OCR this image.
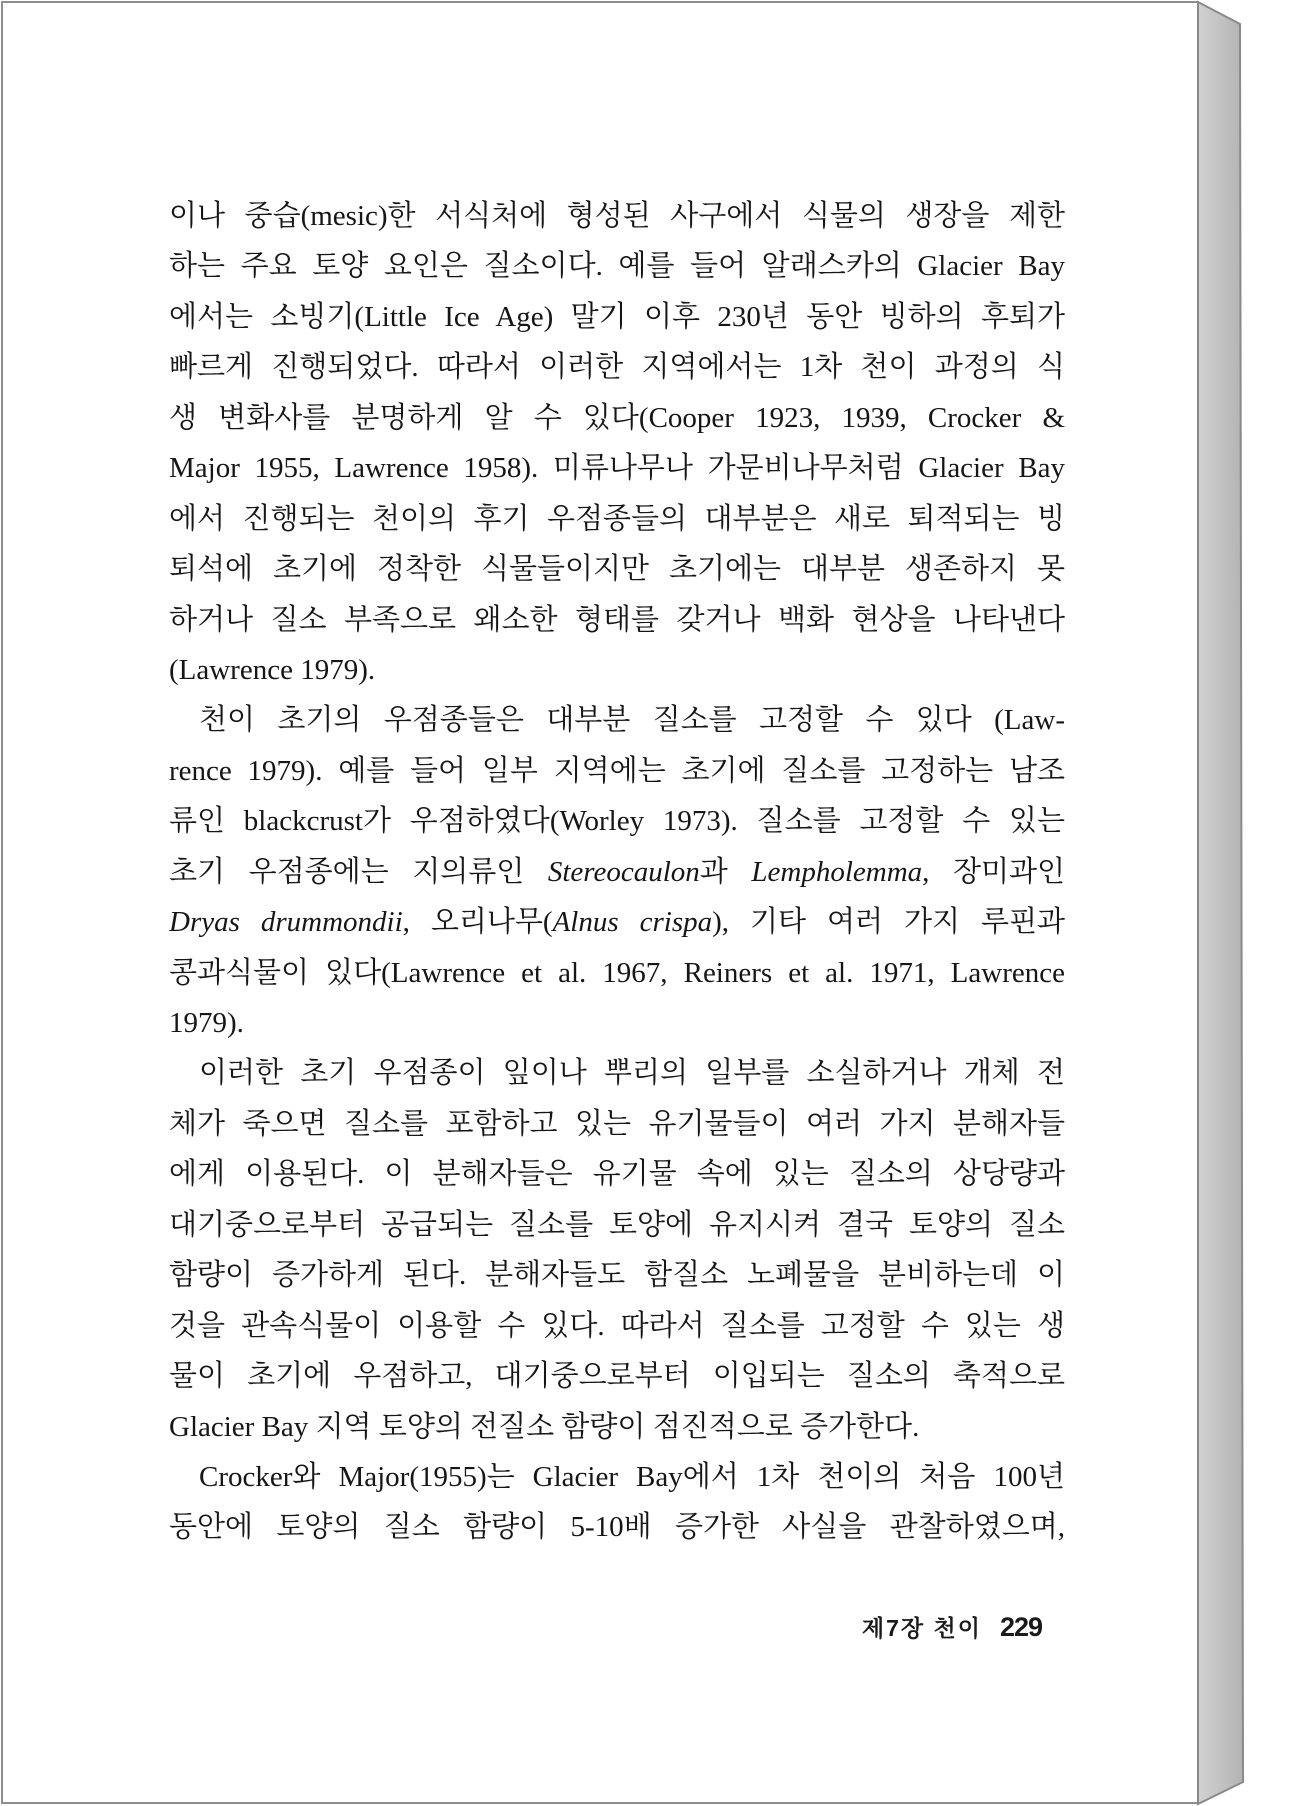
이나 중습(mesic)한 서식처에 형성된 사구에서 식물의 생장을 제한
하는 주요 토양 요인은 질소이다. 예를 들어 알래스카의 Glacier Bay
에서는 소빙기(Little Ice Age) 말기 이후 230년 동안 빙하의 후퇴가
빠르게 진행되었다. 따라서 이러한 지역에서는 1차 천이 과정의 식
생 변화사를 분명하게 알 수 있다(Cooper 1923, 1939, Crocker &
Major 1955, Lawrence 1958). 미류나무나 가문비나무처럼 Glacier Bay
에서 진행되는 천이의 후기 우점종들의 대부분은 새로 퇴적되는 빙
퇴석에 초기에 정착한 식물들이지만 초기에는 대부분 생존하지 못
하거나 질소 부족으로 왜소한 형태를 갖거나 백화 현상을 나타낸다
(Lawrence 1979).
천이 초기의 우점종들은 대부분 질소를 고정할 수 있다 (Law-
rence 1979). 예를 들어 일부 지역에는 초기에 질소를 고정하는 남조
류인 blackcrust가 우점하였다(Worley 1973). 질소를 고정할 수 있는
초기 우점종에는 지의류인 Stereocaulon과 Lempholemma, 장미과인
Dryas drummondii, 오리나무(Alnus crispa), 기타 여러 가지 루핀과
콩과식물이 있다(Lawrence et al. 1967, Reiners et al. 1971, Lawrence
1979).
이러한 초기 우점종이 잎이나 뿌리의 일부를 소실하거나 개체 전
체가 죽으면 질소를 포함하고 있는 유기물들이 여러 가지 분해자들
에게 이용된다. 이 분해자들은 유기물 속에 있는 질소의 상당량과
대기중으로부터 공급되는 질소를 토양에 유지시켜 결국 토양의 질소
함량이 증가하게 된다. 분해자들도 함질소 노폐물을 분비하는데 이
것을 관속식물이 이용할 수 있다. 따라서 질소를 고정할 수 있는 생
물이 초기에 우점하고, 대기중으로부터 이입되는 질소의 축적으로
Glacier Bay 지역 토양의 전질소 함량이 점진적으로 증가한다.
Crocker와 Major(1955)는 Glacier Bay에서 1차 천이의 처음 100년
동안에 토양의 질소 함량이 5-10배 증가한 사실을 관찰하였으며,
제7장 천이 229
